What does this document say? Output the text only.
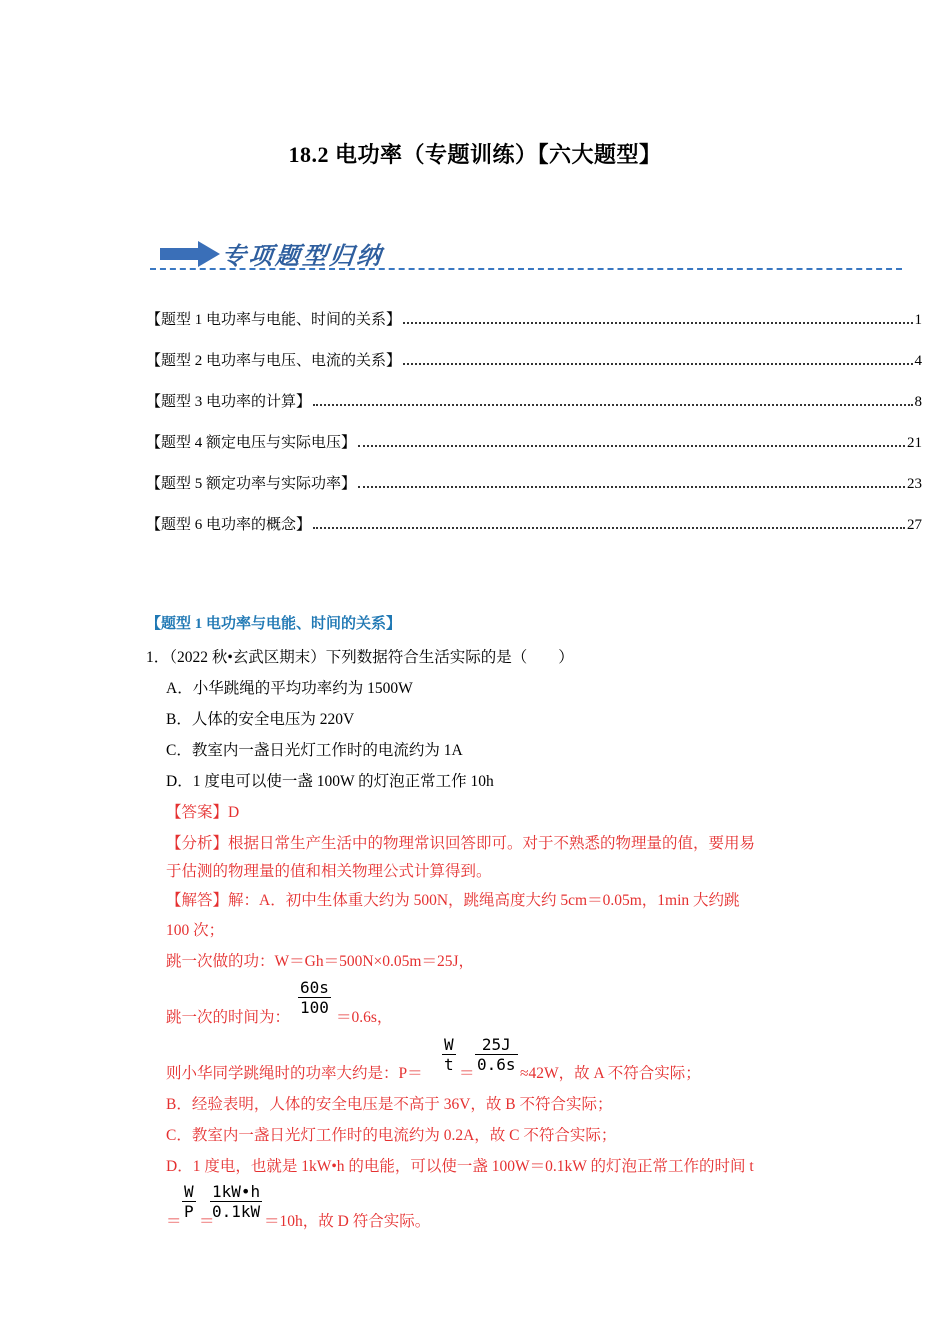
18.2 电功率（专题训练）【六大题型】
专项题型归纳
【题型 1 电功率与电能、时间的关系】	1
【题型 2 电功率与电压、电流的关系】	4
【题型 3 电功率的计算】	8
【题型 4 额定电压与实际电压】	21
【题型 5 额定功率与实际功率】	23
【题型 6 电功率的概念】	27
【题型 1 电功率与电能、时间的关系】
1．（2022 秋•玄武区期末）下列数据符合生活实际的是（　　）
A．小华跳绳的平均功率约为 1500W
B．人体的安全电压为 220V
C．教室内一盏日光灯工作时的电流约为 1A
D．1 度电可以使一盏 100W 的灯泡正常工作 10h
【答案】D
【分析】根据日常生产生活中的物理常识回答即可。对于不熟悉的物理量的值，要用易
于估测的物理量的值和相关物理公式计算得到。
【解答】解：A．初中生体重大约为 500N，跳绳高度大约 5cm＝0.05m，1min 大约跳
100 次；
跳一次做的功：W＝Gh＝500N×0.05m＝25J，
跳一次的时间为：
60s
100
＝0.6s，
则小华同学跳绳时的功率大约是：P＝
W
t ＝
25J
0.6s ≈42W，故 A 不符合实际；
B．经验表明，人体的安全电压是不高于 36V，故 B 不符合实际；
C．教室内一盏日光灯工作时的电流约为 0.2A，故 C 不符合实际；
D．1 度电，也就是 1kW•h 的电能，可以使一盏 100W＝0.1kW 的灯泡正常工作的时间 t
＝
W
P
＝
1kW•h
0.1kW
＝10h，故 D 符合实际。
